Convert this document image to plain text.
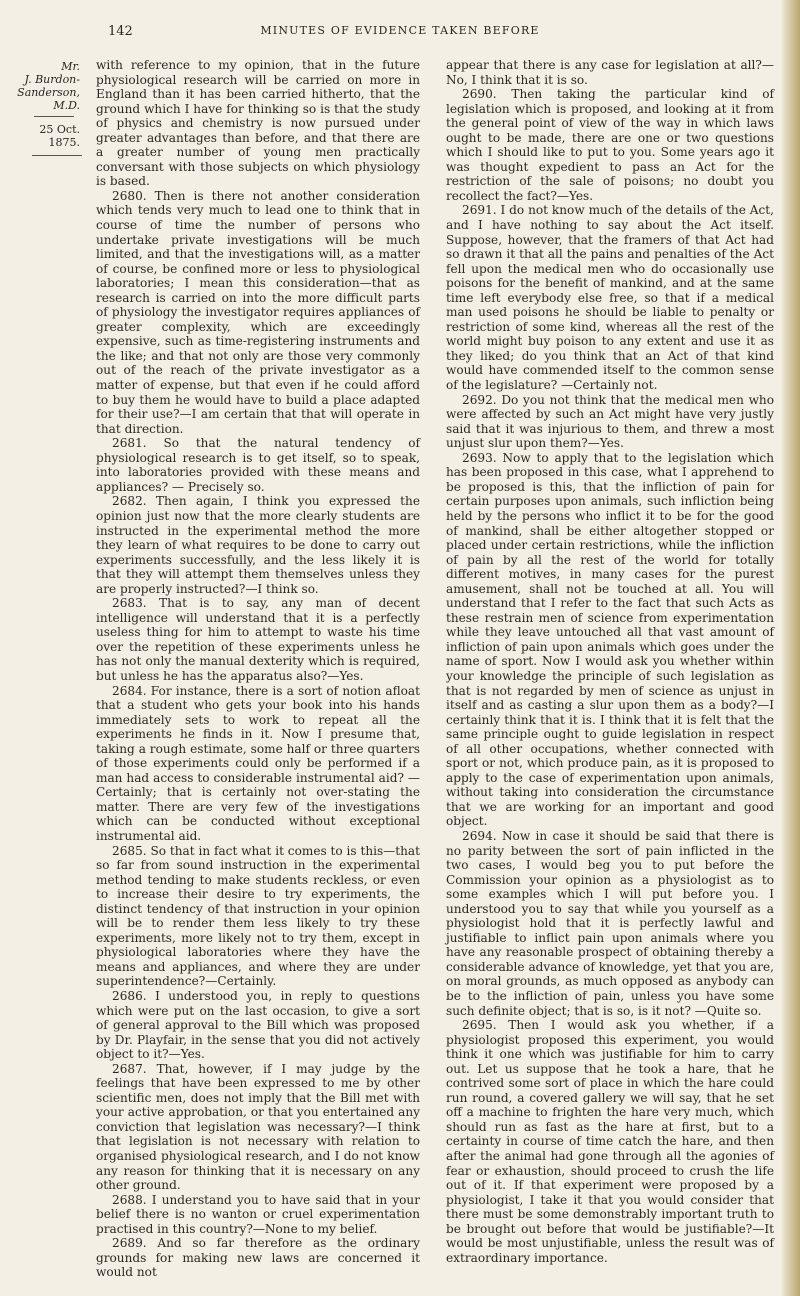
142	MINUTES OF EVIDENCE TAKEN BEFORE
Mr.
J. Burdon-
Sanderson,
M.D.
25 Oct. 1875.

with reference to my opinion, that in the future physiological research will be carried on more in England than it has been carried hitherto, that the ground which I have for thinking so is that the study of physics and chemistry is now pursued under greater advantages than before, and that there are a greater number of young men practically conversant with those subjects on which physiology is based.

2680. Then is there not another consideration which tends very much to lead one to think that in course of time the number of persons who undertake private investigations will be much limited, and that the investigations will, as a matter of course, be confined more or less to physiological laboratories; I mean this consideration—that as research is carried on into the more difficult parts of physiology the investigator requires appliances of greater complexity, which are exceedingly expensive, such as time-registering instruments and the like; and that not only are those very commonly out of the reach of the private investigator as a matter of expense, but that even if he could afford to buy them he would have to build a place adapted for their use?—I am certain that that will operate in that direction.

2681. So that the natural tendency of physiological research is to get itself, so to speak, into laboratories provided with these means and appliances? — Precisely so.

2682. Then again, I think you expressed the opinion just now that the more clearly students are instructed in the experimental method the more they learn of what requires to be done to carry out experiments successfully, and the less likely it is that they will attempt them themselves unless they are properly instructed?—I think so.

2683. That is to say, any man of decent intelligence will understand that it is a perfectly useless thing for him to attempt to waste his time over the repetition of these experiments unless he has not only the manual dexterity which is required, but unless he has the apparatus also?—Yes.

2684. For instance, there is a sort of notion afloat that a student who gets your book into his hands immediately sets to work to repeat all the experiments he finds in it. Now I presume that, taking a rough estimate, some half or three quarters of those experiments could only be performed if a man had access to considerable instrumental aid? —Certainly; that is certainly not over-stating the matter. There are very few of the investigations which can be conducted without exceptional instrumental aid.

2685. So that in fact what it comes to is this—that so far from sound instruction in the experimental method tending to make students reckless, or even to increase their desire to try experiments, the distinct tendency of that instruction in your opinion will be to render them less likely to try these experiments, more likely not to try them, except in physiological laboratories where they have the means and appliances, and where they are under superintendence?—Certainly.

2686. I understood you, in reply to questions which were put on the last occasion, to give a sort of general approval to the Bill which was proposed by Dr. Playfair, in the sense that you did not actively object to it?—Yes.

2687. That, however, if I may judge by the feelings that have been expressed to me by other scientific men, does not imply that the Bill met with your active approbation, or that you entertained any conviction that legislation was necessary?—I think that legislation is not necessary with relation to organised physiological research, and I do not know any reason for thinking that it is necessary on any other ground.

2688. I understand you to have said that in your belief there is no wanton or cruel experimentation practised in this country?—None to my belief.

2689. And so far therefore as the ordinary grounds for making new laws are concerned it would not

appear that there is any case for legislation at all?—No, I think that it is so.

2690. Then taking the particular kind of legislation which is proposed, and looking at it from the general point of view of the way in which laws ought to be made, there are one or two questions which I should like to put to you. Some years ago it was thought expedient to pass an Act for the restriction of the sale of poisons; no doubt you recollect the fact?—Yes.

2691. I do not know much of the details of the Act, and I have nothing to say about the Act itself. Suppose, however, that the framers of that Act had so drawn it that all the pains and penalties of the Act fell upon the medical men who do occasionally use poisons for the benefit of mankind, and at the same time left everybody else free, so that if a medical man used poisons he should be liable to penalty or restriction of some kind, whereas all the rest of the world might buy poison to any extent and use it as they liked; do you think that an Act of that kind would have commended itself to the common sense of the legislature? —Certainly not.

2692. Do you not think that the medical men who were affected by such an Act might have very justly said that it was injurious to them, and threw a most unjust slur upon them?—Yes.

2693. Now to apply that to the legislation which has been proposed in this case, what I apprehend to be proposed is this, that the infliction of pain for certain purposes upon animals, such infliction being held by the persons who inflict it to be for the good of mankind, shall be either altogether stopped or placed under certain restrictions, while the infliction of pain by all the rest of the world for totally different motives, in many cases for the purest amusement, shall not be touched at all. You will understand that I refer to the fact that such Acts as these restrain men of science from experimentation while they leave untouched all that vast amount of infliction of pain upon animals which goes under the name of sport. Now I would ask you whether within your knowledge the principle of such legislation as that is not regarded by men of science as unjust in itself and as casting a slur upon them as a body?—I certainly think that it is. I think that it is felt that the same principle ought to guide legislation in respect of all other occupations, whether connected with sport or not, which produce pain, as it is proposed to apply to the case of experimentation upon animals, without taking into consideration the circumstance that we are working for an important and good object.

2694. Now in case it should be said that there is no parity between the sort of pain inflicted in the two cases, I would beg you to put before the Commission your opinion as a physiologist as to some examples which I will put before you. I understood you to say that while you yourself as a physiologist hold that it is perfectly lawful and justifiable to inflict pain upon animals where you have any reasonable prospect of obtaining thereby a considerable advance of knowledge, yet that you are, on moral grounds, as much opposed as anybody can be to the infliction of pain, unless you have some such definite object; that is so, is it not? —Quite so.

2695. Then I would ask you whether, if a physiologist proposed this experiment, you would think it one which was justifiable for him to carry out. Let us suppose that he took a hare, that he contrived some sort of place in which the hare could run round, a covered gallery we will say, that he set off a machine to frighten the hare very much, which should run as fast as the hare at first, but to a certainty in course of time catch the hare, and then after the animal had gone through all the agonies of fear or exhaustion, should proceed to crush the life out of it. If that experiment were proposed by a physiologist, I take it that you would consider that there must be some demonstrably important truth to be brought out before that would be justifiable?—It would be most unjustifiable, unless the result was of extraordinary importance.
